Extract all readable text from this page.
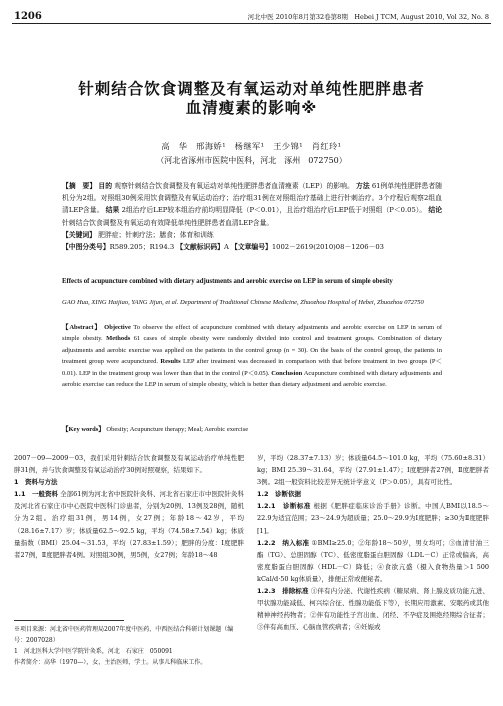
1206	河北中医 2010年8月第32卷第8期　Hebei J TCM, August 2010, Vol 32, No. 8
针刺结合饮食调整及有氧运动对单纯性肥胖患者
血清瘦素的影响※
高　华　邢海娇¹　杨继军¹　王少锦¹　肖红玲¹
（河北省涿州市医院中医科，河北　涿州　072750）

【摘　要】 目的 观察针刺结合饮食调整及有氧运动对单纯性肥胖患者血清瘦素（LEP）的影响。 方法 61例单纯性肥胖患者随机分为2组。对照组30例采用饮食调整及有氧运动治疗；治疗组31例在对照组治疗基础上进行针刺治疗。3个疗程后观察2组血清LEP含量。 结果 2组治疗后LEP较本组治疗前均明显降低（P＜0.01），且治疗组治疗后LEP低于对照组（P＜0.05）。 结论 针刺结合饮食调整及有氧运动有效降低单纯性肥胖患者血清LEP含量。

【关键词】 肥胖症；针刺疗法；膳食；体育和训练

【中图分类号】R589.205；R194.3 【文献标识码】A 【文章编号】1002－2619(2010)08－1206－03

Effects of acupuncture combined with dietary adjustments and aerobic exercise on LEP in serum of simple obesity
GAO Hua, XING Haijiao, YANG Jijun, et al. Department of Traditional Chinese Medicine, Zhuozhou Hospital of Hebei, Zhuozhou 072750

【Abstract】 Objective To observe the effect of acupuncture combined with dietary adjustments and aerobic exercise on LEP in serum of simple obesity. Methods 61 cases of simple obesity were randomly divided into control and treatment groups. Combination of dietary adjustments and aerobic exercise was applied on the patients in the control group (n = 30). On the basis of the control group, the patients in treatment group were acupunctured. Results LEP after treatment was decreased in comparison with that before treatment in two groups (P＜0.01). LEP in the treatment group was lower than that in the control (P＜0.05). Conclusion Acupuncture combined with dietary adjustments and aerobic exercise can reduce the LEP in serum of simple obesity, which is better than dietary adjustment and aerobic exercise.

【Key words】 Obesity; Acupuncture therapy; Meal; Aerobic exercise

2007－09—2009－03，我们采用针刺结合饮食调整及有氧运动治疗单纯性肥胖31例，并与饮食调整及有氧运动治疗30例对照观察，结果如下。

1　资料与方法

1.1　一般资料 全部61例为河北省中医院针灸科、河北省石家庄市中医院针灸科及河北省石家庄市中心医院中医科门诊患者，分别为20例、13例及28例，随机分为2组。治疗组31例，男14例，女27例；年龄18～42岁，平均（28.16±7.17）岁；体质量62.5～92.5 kg，平均（74.58±7.54）kg；体质量指数（BMI）25.04～31.53，平均（27.83±1.59）；肥胖的分度：I度肥胖者27例，Ⅱ度肥胖者4例。对照组30例，男5例，女27例；年龄18～48

岁，平均（28.37±7.13）岁；体质量64.5～101.0 kg，平均（75.60±8.31）kg；BMI 25.39～31.64，平均（27.91±1.47）；I度肥胖者27例，Ⅱ度肥胖者3例。2组一般资料比较差异无统计学意义（P＞0.05），具有可比性。

1.2　诊断依据

1.2.1　诊断标准 根据《肥胖症临床诊治手册》诊断。中国人BMI以18.5～22.9为适宜范围；23～24.9为超质量；25.0～29.9为I度肥胖；≥30为Ⅱ度肥胖[1]。

1.2.2　纳入标准 ①BMI≥25.0；②年龄18～50岁，男女均可；③血清甘油三酯（TG）、总胆固醇（TC）、低密度脂蛋白胆固醇（LDL－C）正常或偏高，高密度脂蛋白胆固醇（HDL－C）降低；④食欲亢盛（摄入食物热量＞1 500 kCal/d·50 kg体质量），排便正常或便秘者。

1.2.3　排除标准 ①伴有内分泌、代谢性疾病（糖尿病、肾上腺皮质功能亢进、甲状腺功能减低、柯兴综合征、性腺功能低下等），长期应用激素、安眠药或其他精神神经药物者；②伴有功能性子宫出血、闭经、不孕症及围绝经期综合征者；③伴有高血压、心脑血管疾病者；④妊娠或

※项目来源：河北省中医药管理局2007年度中医药、中西医结合科研计划课题（编号：2007028）

1　河北医科大学中医学院针灸系，河北　石家庄　050091

作者简介：高华（1970—），女，主治医师，学士。从事儿科临床工作。
